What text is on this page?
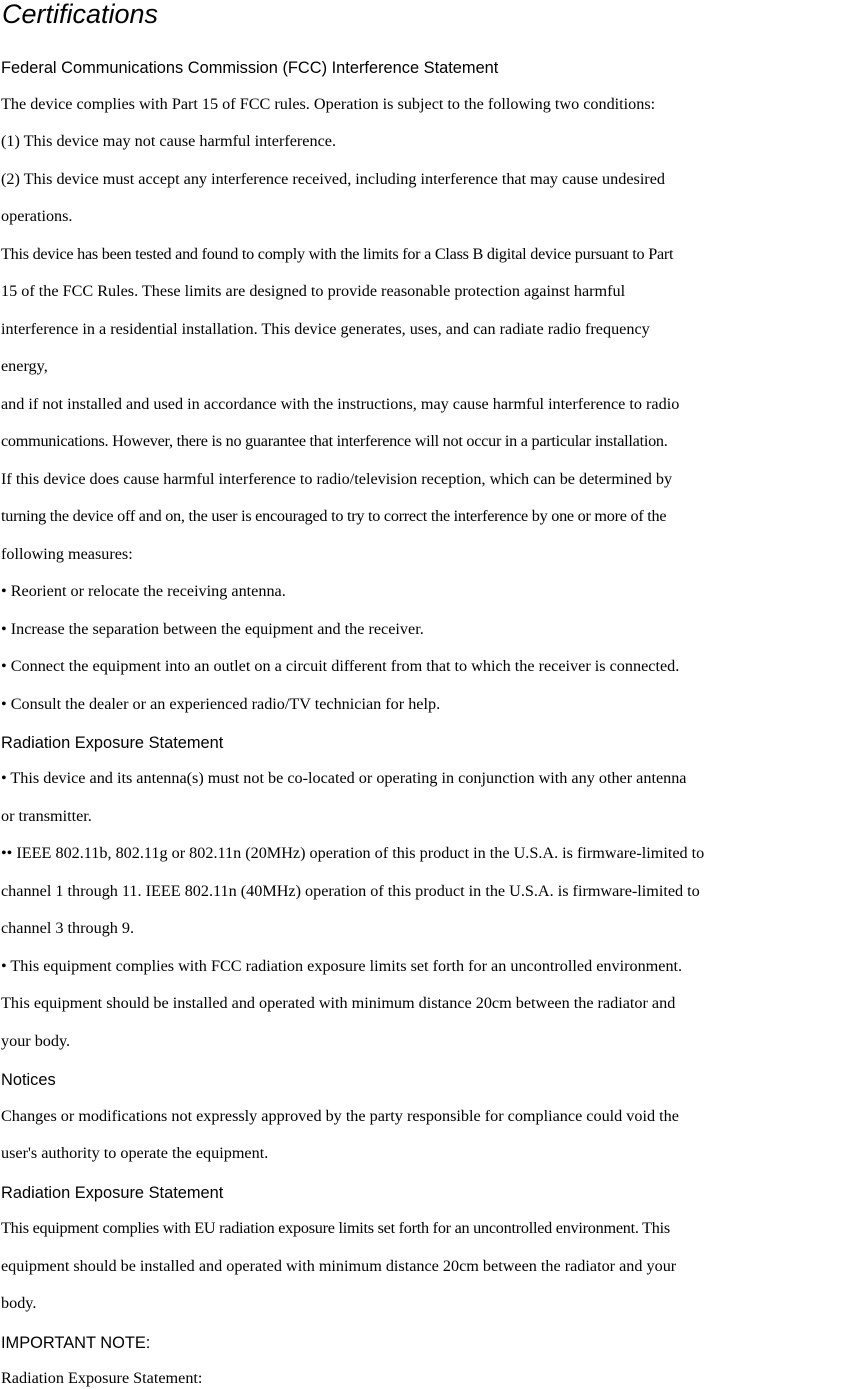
Certifications
Federal Communications Commission (FCC) Interference Statement
The device complies with Part 15 of FCC rules. Operation is subject to the following two conditions:
(1) This device may not cause harmful interference.
(2) This device must accept any interference received, including interference that may cause undesired
operations.
This device has been tested and found to comply with the limits for a Class B digital device pursuant to Part
15 of the FCC Rules. These limits are designed to provide reasonable protection against harmful
interference in a residential installation. This device generates, uses, and can radiate radio frequency
energy,
and if not installed and used in accordance with the instructions, may cause harmful interference to radio
communications. However, there is no guarantee that interference will not occur in a particular installation.
If this device does cause harmful interference to radio/television reception, which can be determined by
turning the device off and on, the user is encouraged to try to correct the interference by one or more of the
following measures:
• Reorient or relocate the receiving antenna.
• Increase the separation between the equipment and the receiver.
• Connect the equipment into an outlet on a circuit different from that to which the receiver is connected.
• Consult the dealer or an experienced radio/TV technician for help.
Radiation Exposure Statement
• This device and its antenna(s) must not be co-located or operating in conjunction with any other antenna
or transmitter.
•• IEEE 802.11b, 802.11g or 802.11n (20MHz) operation of this product in the U.S.A. is firmware-limited to
channel 1 through 11. IEEE 802.11n (40MHz) operation of this product in the U.S.A. is firmware-limited to
channel 3 through 9.
• This equipment complies with FCC radiation exposure limits set forth for an uncontrolled environment.
This equipment should be installed and operated with minimum distance 20cm between the radiator and
your body.
Notices
Changes or modifications not expressly approved by the party responsible for compliance could void the
user's authority to operate the equipment.
Radiation Exposure Statement
This equipment complies with EU radiation exposure limits set forth for an uncontrolled environment. This
equipment should be installed and operated with minimum distance 20cm between the radiator and your
body.
IMPORTANT NOTE:
Radiation Exposure Statement:
